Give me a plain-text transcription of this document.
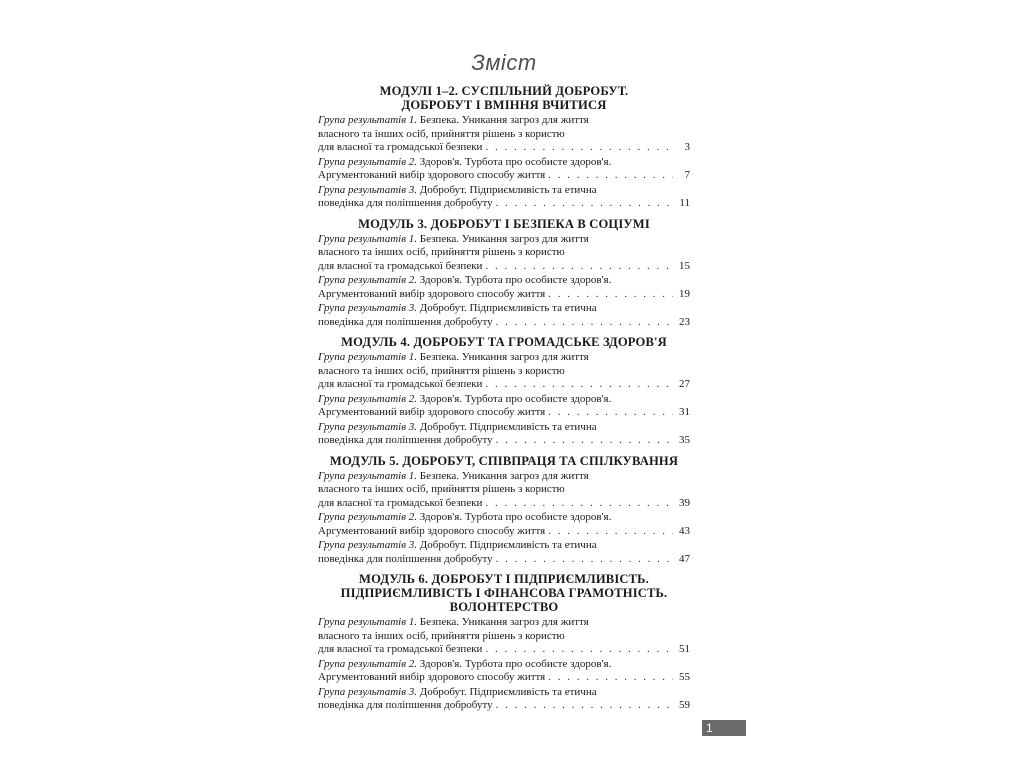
Зміст
МОДУЛІ 1–2. СУСПІЛЬНИЙ ДОБРОБУТ.
ДОБРОБУТ І ВМІННЯ ВЧИТИСЯ
Група результатів 1. Безпека. Уникання загроз для життя
власного та інших осіб, прийняття рішень з користю
для власної та громадської безпеки . . .	3
Група результатів 2. Здоров'я. Турбота про особисте здоров'я.
Аргументований вибір здорового способу життя . . .	7
Група результатів 3. Добробут. Підприємливість та етична
поведінка для поліпшення добробуту . . .	11
МОДУЛЬ 3. ДОБРОБУТ І БЕЗПЕКА В СОЦІУМІ
Група результатів 1. Безпека. Уникання загроз для життя
власного та інших осіб, прийняття рішень з користю
для власної та громадської безпеки . . .	15
Група результатів 2. Здоров'я. Турбота про особисте здоров'я.
Аргументований вибір здорового способу життя . . .	19
Група результатів 3. Добробут. Підприємливість та етична
поведінка для поліпшення добробуту . . .	23
МОДУЛЬ 4. ДОБРОБУТ ТА ГРОМАДСЬКЕ ЗДОРОВ'Я
Група результатів 1. Безпека. Уникання загроз для життя
власного та інших осіб, прийняття рішень з користю
для власної та громадської безпеки . . .	27
Група результатів 2. Здоров'я. Турбота про особисте здоров'я.
Аргументований вибір здорового способу життя . . .	31
Група результатів 3. Добробут. Підприємливість та етична
поведінка для поліпшення добробуту . . .	35
МОДУЛЬ 5. ДОБРОБУТ, СПІВПРАЦЯ ТА СПІЛКУВАННЯ
Група результатів 1. Безпека. Уникання загроз для життя
власного та інших осіб, прийняття рішень з користю
для власної та громадської безпеки . . .	39
Група результатів 2. Здоров'я. Турбота про особисте здоров'я.
Аргументований вибір здорового способу життя . . .	43
Група результатів 3. Добробут. Підприємливість та етична
поведінка для поліпшення добробуту . . .	47
МОДУЛЬ 6. ДОБРОБУТ І ПІДПРИЄМЛИВІСТЬ.
ПІДПРИЄМЛИВІСТЬ І ФІНАНСОВА ГРАМОТНІСТЬ.
ВОЛОНТЕРСТВО
Група результатів 1. Безпека. Уникання загроз для життя
власного та інших осіб, прийняття рішень з користю
для власної та громадської безпеки . . .	51
Група результатів 2. Здоров'я. Турбота про особисте здоров'я.
Аргументований вибір здорового способу життя . . .	55
Група результатів 3. Добробут. Підприємливість та етична
поведінка для поліпшення добробуту . . .	59
1
